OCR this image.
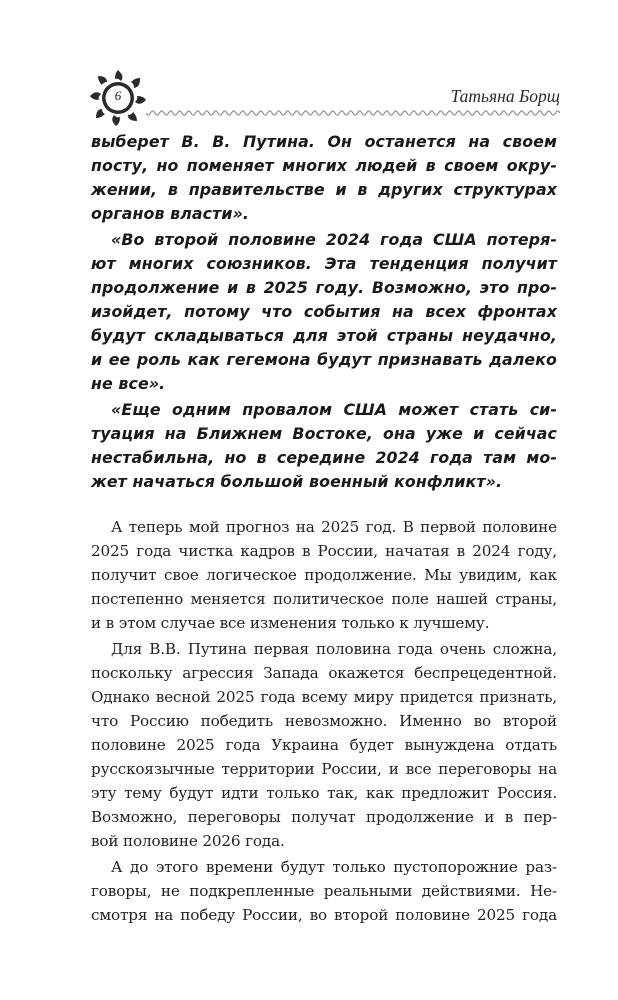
6	Татьяна Борщ
выберет В. В. Путина. Он останется на своем
посту, но поменяет многих людей в своем окру-
жении, в правительстве и в других структурах
органов власти».
«Во второй половине 2024 года США потеря-
ют многих союзников. Эта тенденция получит
продолжение и в 2025 году. Возможно, это про-
изойдет, потому что события на всех фронтах
будут складываться для этой страны неудачно,
и ее роль как гегемона будут признавать далеко
не все».
«Еще одним провалом США может стать си-
туация на Ближнем Востоке, она уже и сейчас
нестабильна, но в середине 2024 года там мо-
жет начаться большой военный конфликт».
А теперь мой прогноз на 2025 год. В первой половине
2025 года чистка кадров в России, начатая в 2024 году,
получит свое логическое продолжение. Мы увидим, как
постепенно меняется политическое поле нашей страны,
и в этом случае все изменения только к лучшему.
Для В.В. Путина первая половина года очень сложна,
поскольку агрессия Запада окажется беспрецедентной.
Однако весной 2025 года всему миру придется признать,
что Россию победить невозможно. Именно во второй
половине 2025 года Украина будет вынуждена отдать
русскоязычные территории России, и все переговоры на
эту тему будут идти только так, как предложит Россия.
Возможно, переговоры получат продолжение и в пер-
вой половине 2026 года.
А до этого времени будут только пустопорожние раз-
говоры, не подкрепленные реальными действиями. Не-
смотря на победу России, во второй половине 2025 года
